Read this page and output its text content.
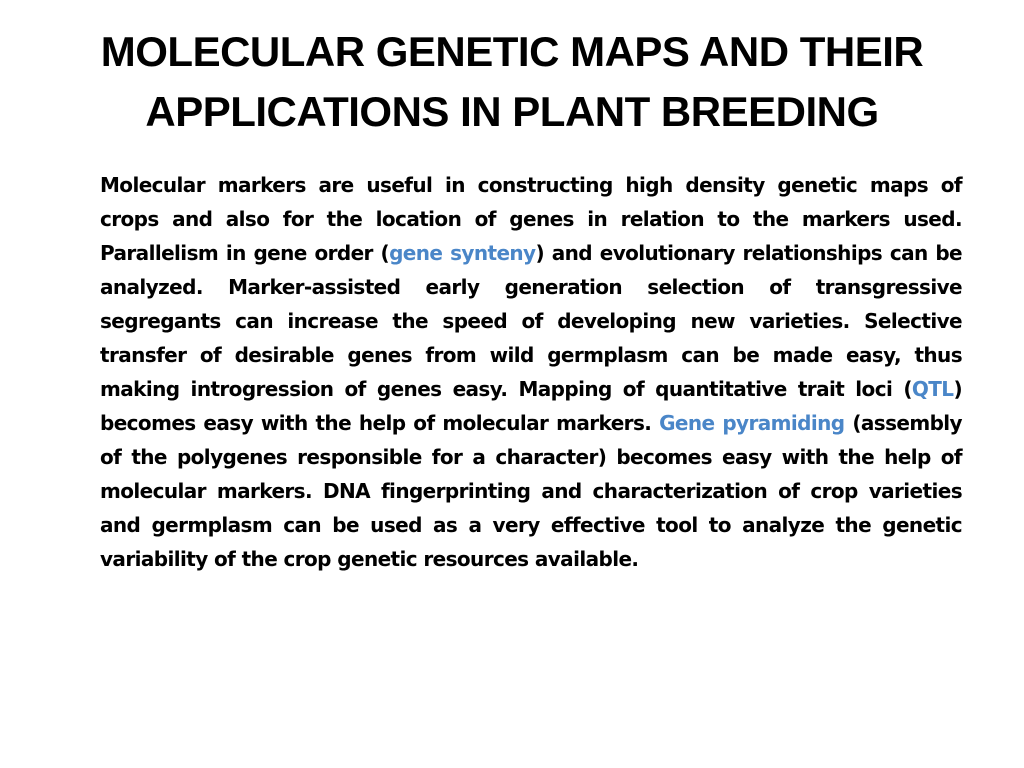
MOLECULAR GENETIC MAPS AND THEIR
APPLICATIONS IN PLANT BREEDING

Molecular markers are useful in constructing high density genetic maps of crops and also for the location of genes in relation to the markers used. Parallelism in gene order (gene synteny) and evolutionary relationships can be analyzed. Marker-assisted early generation selection of transgressive segregants can increase the speed of developing new varieties. Selective transfer of desirable genes from wild germplasm can be made easy, thus making introgression of genes easy. Mapping of quantitative trait loci (QTL) becomes easy with the help of molecular markers. Gene pyramiding (assembly of the polygenes responsible for a character) becomes easy with the help of molecular markers. DNA fingerprinting and characterization of crop varieties and germplasm can be used as a very effective tool to analyze the genetic variability of the crop genetic resources available.
